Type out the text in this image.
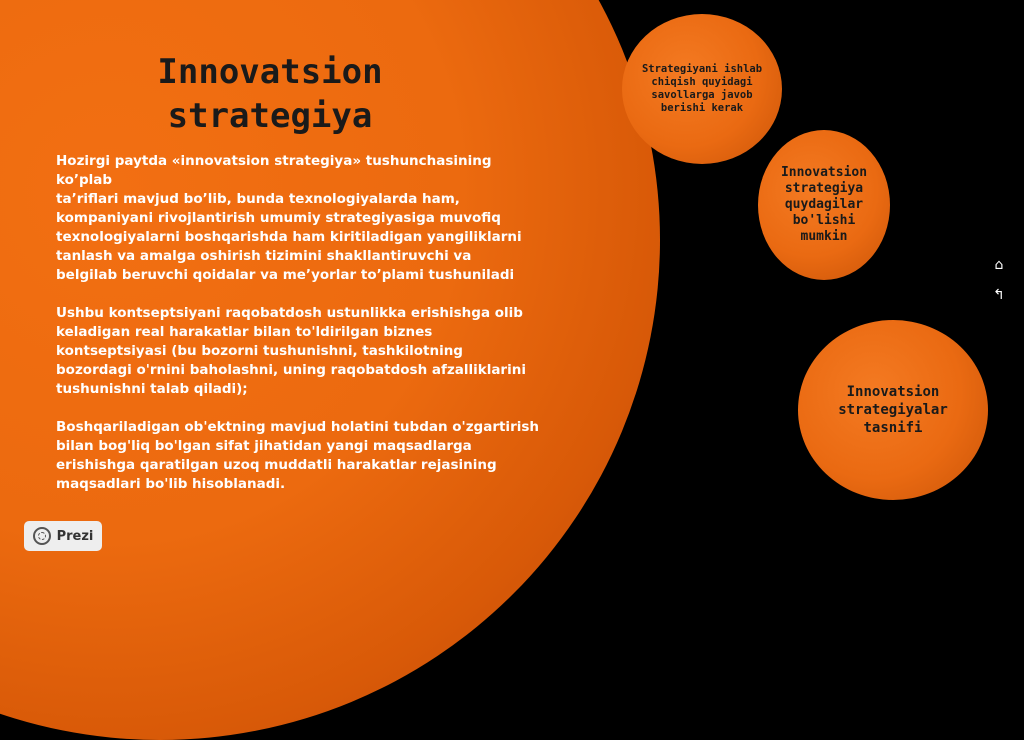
Innovatsion
strategiya

Hozirgi paytda «innovatsion strategiya» tushunchasining
ko’plab
ta’riflari mavjud bo’lib, bunda texnologiyalarda ham,
kompaniyani rivojlantirish umumiy strategiyasiga muvofiq
texnologiyalarni boshqarishda ham kiritiladigan yangiliklarni
tanlash va amalga oshirish tizimini shakllantiruvchi va
belgilab beruvchi qoidalar va me’yorlar to’plami tushuniladi

Ushbu kontseptsiyani raqobatdosh ustunlikka erishishga olib
keladigan real harakatlar bilan to'ldirilgan biznes
kontseptsiyasi (bu bozorni tushunishni, tashkilotning
bozordagi o'rnini baholashni, uning raqobatdosh afzalliklarini
tushunishni talab qiladi);

Boshqariladigan ob'ektning mavjud holatini tubdan o'zgartirish
bilan bog'liq bo'lgan sifat jihatidan yangi maqsadlarga
erishishga qaratilgan uzoq muddatli harakatlar rejasining
maqsadlari bo'lib hisoblanadi.

Strategiyani ishlab
chiqish quyidagi
savollarga javob
berishi kerak
Innovatsion
strategiya
quydagilar
bo'lishi
mumkin
Innovatsion
strategiyalar
tasnifi
⌂
↰
Prezi
